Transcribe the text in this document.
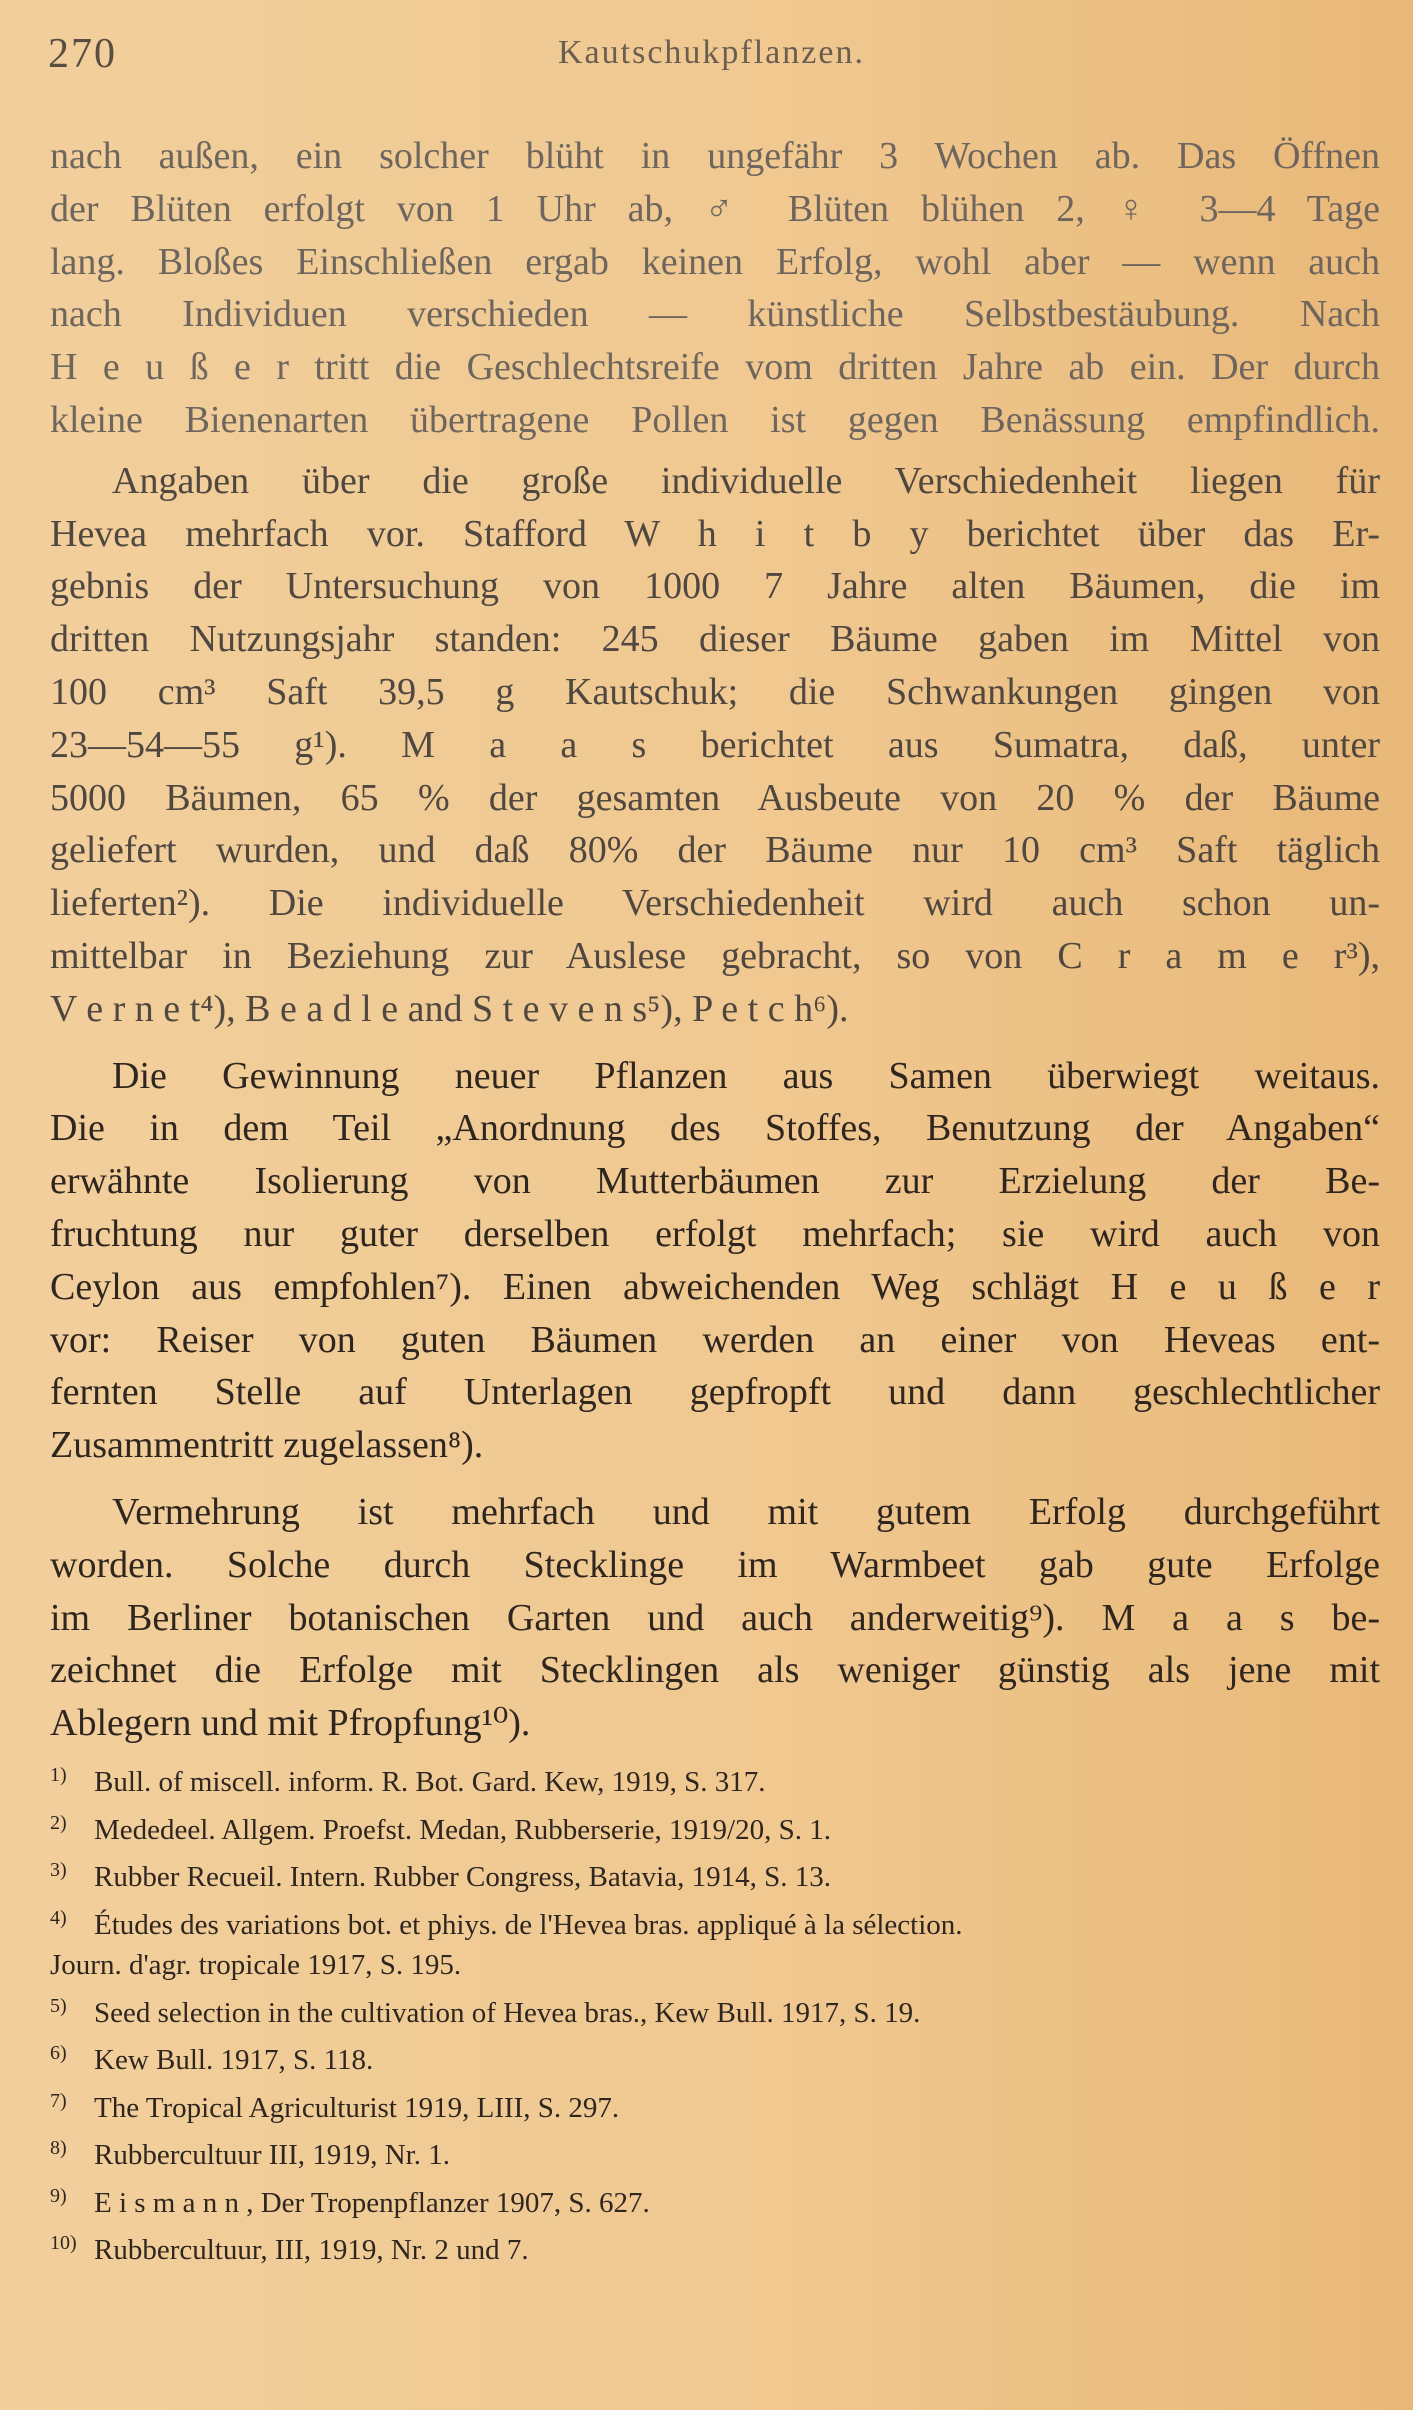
270	Kautschukpflanzen.

nach außen, ein solcher blüht in ungefähr 3 Wochen ab. Das Öffnen
der Blüten erfolgt von 1 Uhr ab, ♂ Blüten blühen 2, ♀ 3—4 Tage
lang. Bloßes Einschließen ergab keinen Erfolg, wohl aber — wenn auch
nach Individuen verschieden — künstliche Selbstbestäubung. Nach
H e u ß e r tritt die Geschlechtsreife vom dritten Jahre ab ein. Der durch
kleine Bienenarten übertragene Pollen ist gegen Benässung empfindlich.

Angaben über die große individuelle Verschiedenheit liegen für
Hevea mehrfach vor. Stafford W h i t b y berichtet über das Er-
gebnis der Untersuchung von 1000 7 Jahre alten Bäumen, die im
dritten Nutzungsjahr standen: 245 dieser Bäume gaben im Mittel von
100 cm³ Saft 39,5 g Kautschuk; die Schwankungen gingen von
23—54—55 g¹). M a a s berichtet aus Sumatra, daß, unter
5000 Bäumen, 65 % der gesamten Ausbeute von 20 % der Bäume
geliefert wurden, und daß 80% der Bäume nur 10 cm³ Saft täglich
lieferten²). Die individuelle Verschiedenheit wird auch schon un-
mittelbar in Beziehung zur Auslese gebracht, so von C r a m e r³),
V e r n e t⁴), B e a d l e and S t e v e n s⁵), P e t c h⁶).

Die Gewinnung neuer Pflanzen aus Samen überwiegt weitaus.
Die in dem Teil „Anordnung des Stoffes, Benutzung der Angaben“
erwähnte Isolierung von Mutterbäumen zur Erzielung der Be-
fruchtung nur guter derselben erfolgt mehrfach; sie wird auch von
Ceylon aus empfohlen⁷). Einen abweichenden Weg schlägt H e u ß e r
vor: Reiser von guten Bäumen werden an einer von Heveas ent-
fernten Stelle auf Unterlagen gepfropft und dann geschlechtlicher
Zusammentritt zugelassen⁸).

Vermehrung ist mehrfach und mit gutem Erfolg durchgeführt
worden. Solche durch Stecklinge im Warmbeet gab gute Erfolge
im Berliner botanischen Garten und auch anderweitig⁹). M a a s be-
zeichnet die Erfolge mit Stecklingen als weniger günstig als jene mit
Ablegern und mit Pfropfung¹⁰).

1) Bull. of miscell. inform. R. Bot. Gard. Kew, 1919, S. 317.
2) Mededeel. Allgem. Proefst. Medan, Rubberserie, 1919/20, S. 1.
3) Rubber Recueil. Intern. Rubber Congress, Batavia, 1914, S. 13.
4) Études des variations bot. et phiys. de l'Hevea bras. appliqué à la sélection.
Journ. d'agr. tropicale 1917, S. 195.
5) Seed selection in the cultivation of Hevea bras., Kew Bull. 1917, S. 19.
6) Kew Bull. 1917, S. 118.
7) The Tropical Agriculturist 1919, LIII, S. 297.
8) Rubbercultuur III, 1919, Nr. 1.
9) E i s m a n n , Der Tropenpflanzer 1907, S. 627.
10) Rubbercultuur, III, 1919, Nr. 2 und 7.
